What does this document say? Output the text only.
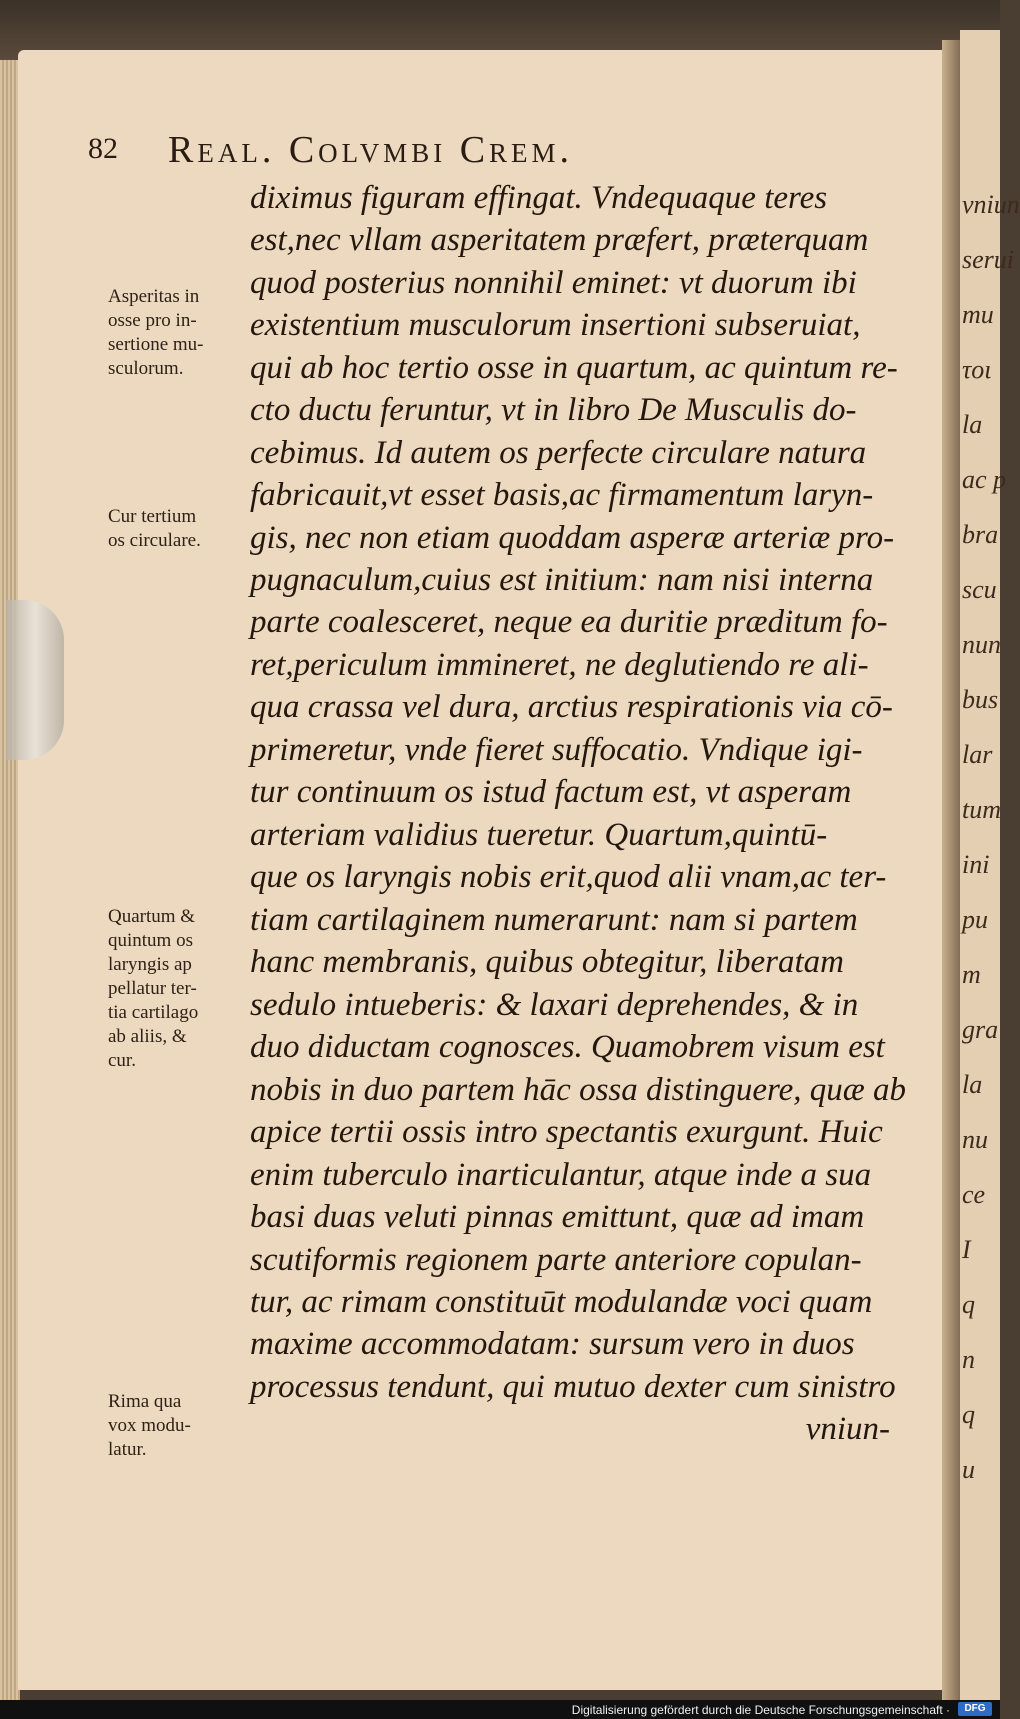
vniun
serui
mu
τοι
la
ac p
bra
scu
nun
bus
lar
tum
ini
pu
m
gra
la
nu
ce
I
q
n
q
u
82 Real. Colvmbi Crem.
diximus figuram effingat. Vndequaque teres
est,nec vllam asperitatem præfert, præterquam
quod posterius nonnihil eminet: vt duorum ibi
existentium musculorum insertioni subseruiat,
qui ab hoc tertio osse in quartum, ac quintum re-
cto ductu feruntur, vt in libro De Musculis do-
cebimus. Id autem os perfecte circulare natura
fabricauit,vt esset basis,ac firmamentum laryn-
gis, nec non etiam quoddam asperæ arteriæ pro-
pugnaculum,cuius est initium: nam nisi interna
parte coalesceret, neque ea duritie præditum fo-
ret,periculum immineret, ne deglutiendo re ali-
qua crassa vel dura, arctius respirationis via cō-
primeretur, vnde fieret suffocatio. Vndique igi-
tur continuum os istud factum est, vt asperam
arteriam validius tueretur. Quartum,quintū-
que os laryngis nobis erit,quod alii vnam,ac ter-
tiam cartilaginem numerarunt: nam si partem
hanc membranis, quibus obtegitur, liberatam
sedulo intueberis: & laxari deprehendes, & in
duo diductam cognosces. Quamobrem visum est
nobis in duo partem hāc ossa distinguere, quæ ab
apice tertii ossis intro spectantis exurgunt. Huic
enim tuberculo inarticulantur, atque inde a sua
basi duas veluti pinnas emittunt, quæ ad imam
scutiformis regionem parte anteriore copulan-
tur, ac rimam constituūt modulandæ voci quam
maxime accommodatam: sursum vero in duos
processus tendunt, qui mutuo dexter cum sinistro
vniun-
Asperitas in
osse pro in-
sertione mu-
sculorum.
Cur tertium
os circulare.
Quartum &
quintum os
laryngis ap
pellatur ter-
tia cartilago
ab aliis, &
cur.
Rima qua
vox modu-
latur.
Digitalisierung gefördert durch die Deutsche Forschungsgemeinschaft ·	DFG
